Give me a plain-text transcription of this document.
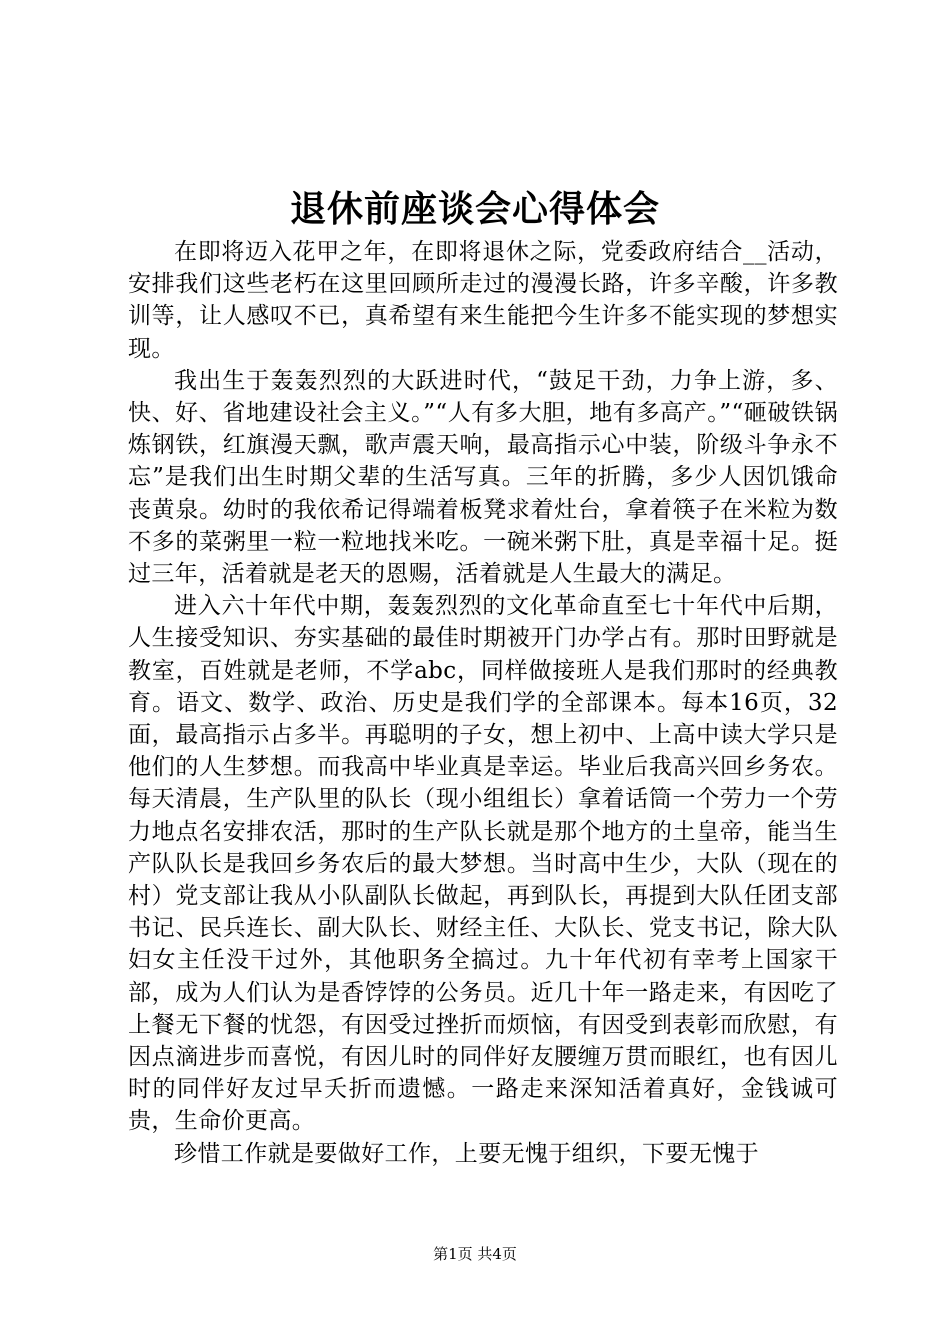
退休前座谈会心得体会

在即将迈入花甲之年，在即将退休之际，党委政府结合__活动，安排我们这些老朽在这里回顾所走过的漫漫长路，许多辛酸，许多教训等，让人感叹不已，真希望有来生能把今生许多不能实现的梦想实现。

我出生于轰轰烈烈的大跃进时代，“鼓足干劲，力争上游，多、快、好、省地建设社会主义。”“人有多大胆，地有多高产。”“砸破铁锅炼钢铁，红旗漫天飘，歌声震天响，最高指示心中装，阶级斗争永不忘”是我们出生时期父辈的生活写真。三年的折腾，多少人因饥饿命丧黄泉。幼时的我依希记得端着板凳求着灶台，拿着筷子在米粒为数不多的菜粥里一粒一粒地找米吃。一碗米粥下肚，真是幸福十足。挺过三年，活着就是老天的恩赐，活着就是人生最大的满足。

进入六十年代中期，轰轰烈烈的文化革命直至七十年代中后期，人生接受知识、夯实基础的最佳时期被开门办学占有。那时田野就是教室，百姓就是老师，不学abc，同样做接班人是我们那时的经典教育。语文、数学、政治、历史是我们学的全部课本。每本16页，32面，最高指示占多半。再聪明的子女，想上初中、上高中读大学只是他们的人生梦想。而我高中毕业真是幸运。毕业后我高兴回乡务农。每天清晨，生产队里的队长（现小组组长）拿着话筒一个劳力一个劳力地点名安排农活，那时的生产队长就是那个地方的土皇帝，能当生产队队长是我回乡务农后的最大梦想。当时高中生少，大队（现在的村）党支部让我从小队副队长做起，再到队长，再提到大队任团支部书记、民兵连长、副大队长、财经主任、大队长、党支书记，除大队妇女主任没干过外，其他职务全搞过。九十年代初有幸考上国家干部，成为人们认为是香饽饽的公务员。近几十年一路走来，有因吃了上餐无下餐的忧怨，有因受过挫折而烦恼，有因受到表彰而欣慰，有因点滴进步而喜悦，有因儿时的同伴好友腰缠万贯而眼红，也有因儿时的同伴好友过早夭折而遗憾。一路走来深知活着真好，金钱诚可贵，生命价更高。

珍惜工作就是要做好工作，上要无愧于组织，下要无愧于

第1页 共4页
